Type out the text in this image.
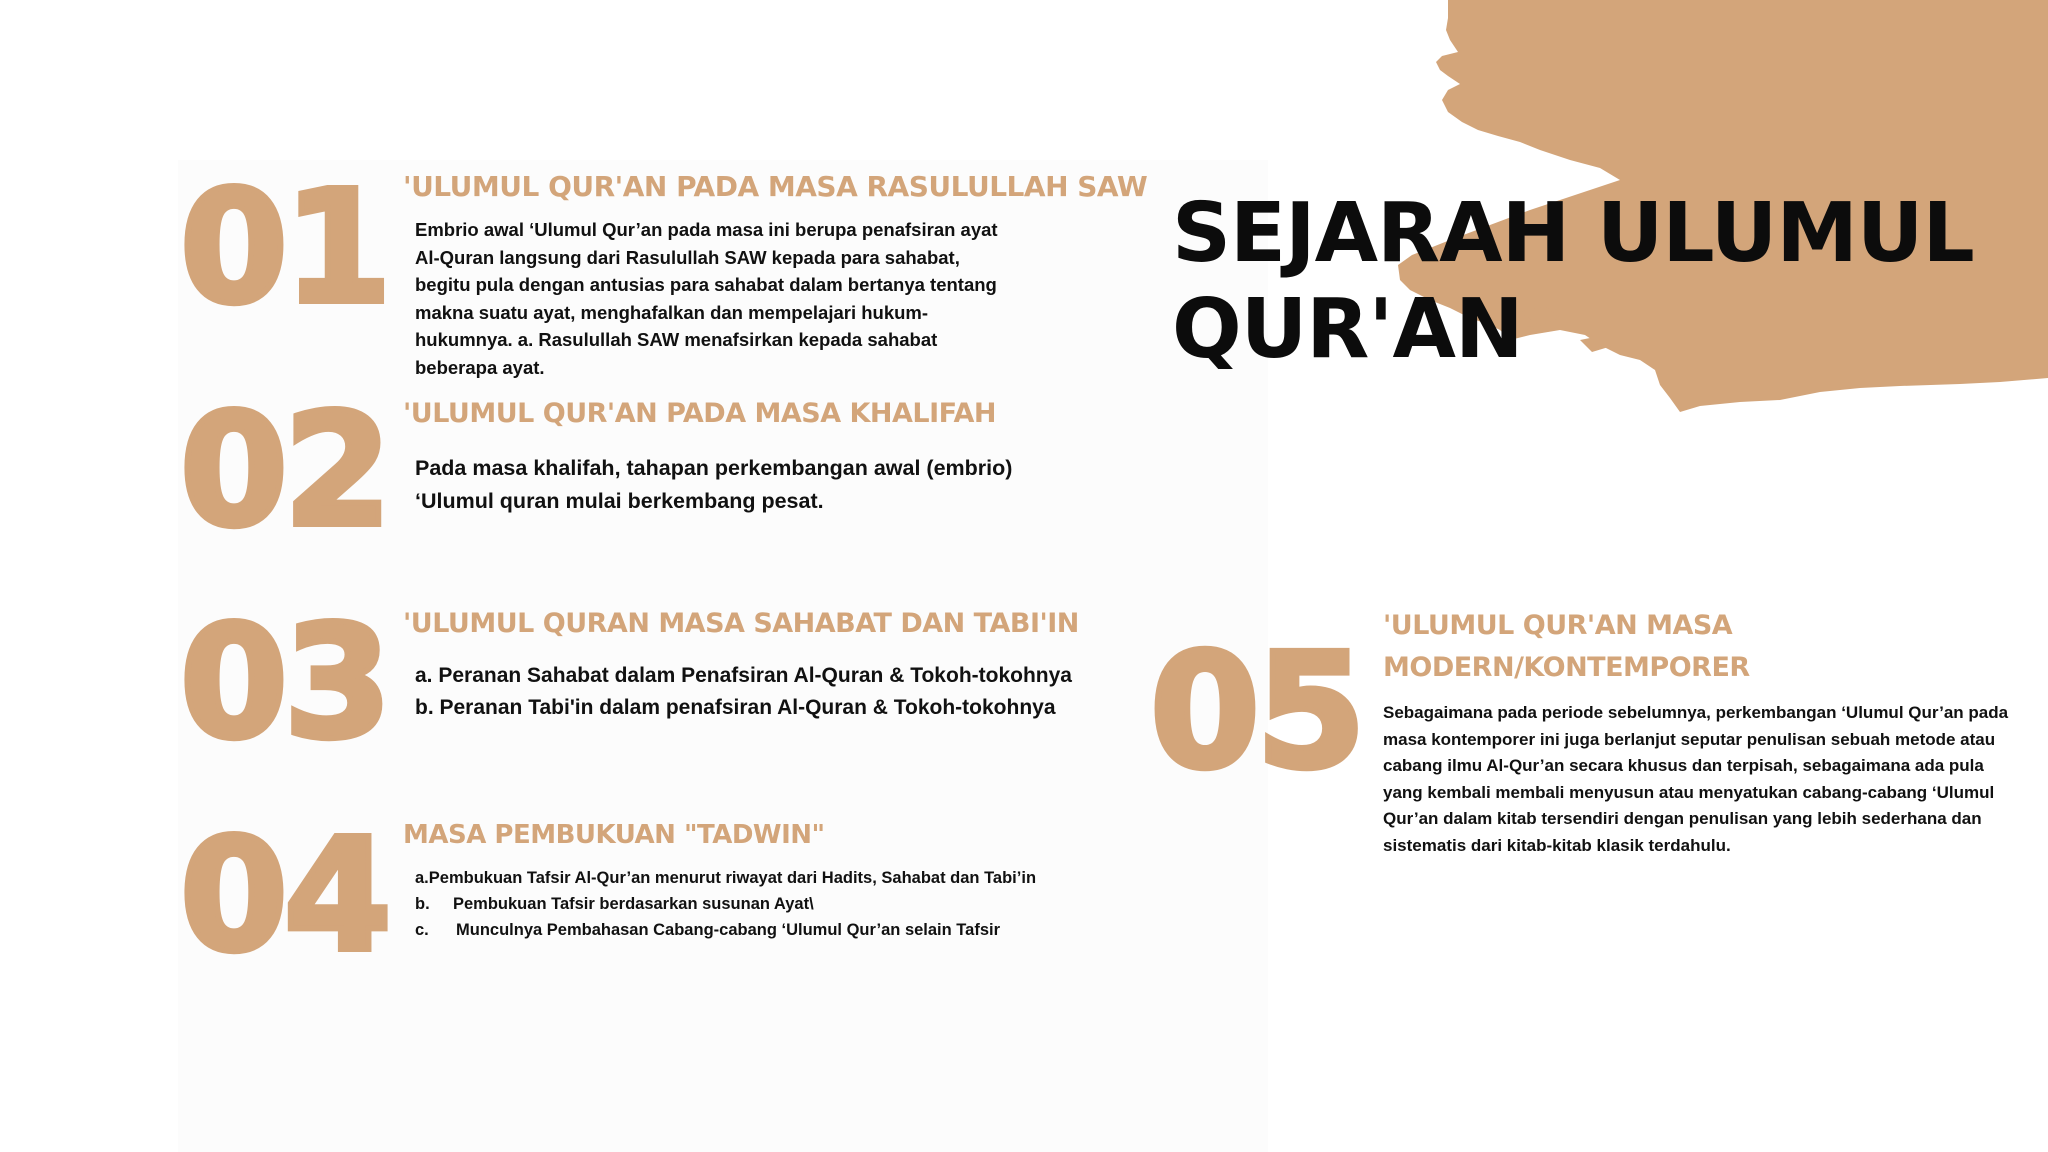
SEJARAH ULUMUL
QUR'AN
01 'ULUMUL QUR'AN PADA MASA RASULULLAH SAW
Embrio awal ‘Ulumul Qur’an pada masa ini berupa penafsiran ayat Al-Quran langsung dari Rasulullah SAW kepada para sahabat, begitu pula dengan antusias para sahabat dalam bertanya tentang makna suatu ayat, menghafalkan dan mempelajari hukum-hukumnya. a. Rasulullah SAW menafsirkan kepada sahabat beberapa ayat.
02 'ULUMUL QUR'AN PADA MASA KHALIFAH
Pada masa khalifah, tahapan perkembangan awal (embrio) ‘Ulumul quran mulai berkembang pesat.
03 'ULUMUL QURAN MASA SAHABAT DAN TABI'IN
a. Peranan Sahabat dalam Penafsiran Al-Quran & Tokoh-tokohnya
b. Peranan Tabi'in dalam penafsiran Al-Quran & Tokoh-tokohnya
04 MASA PEMBUKUAN "TADWIN"
a. Pembukuan Tafsir Al-Qur’an menurut riwayat dari Hadits, Sahabat dan Tabi’in
b.	Pembukuan Tafsir berdasarkan susunan Ayat\
c.	Munculnya Pembahasan Cabang-cabang ‘Ulumul Qur’an selain Tafsir
05 'ULUMUL QUR'AN MASA MODERN/KONTEMPORER
Sebagaimana pada periode sebelumnya, perkembangan ‘Ulumul Qur’an pada masa kontemporer ini juga berlanjut seputar penulisan sebuah metode atau cabang ilmu Al-Qur’an secara khusus dan terpisah, sebagaimana ada pula yang kembali membali menyusun atau menyatukan cabang-cabang ‘Ulumul Qur’an dalam kitab tersendiri dengan penulisan yang lebih sederhana dan sistematis dari kitab-kitab klasik terdahulu.
